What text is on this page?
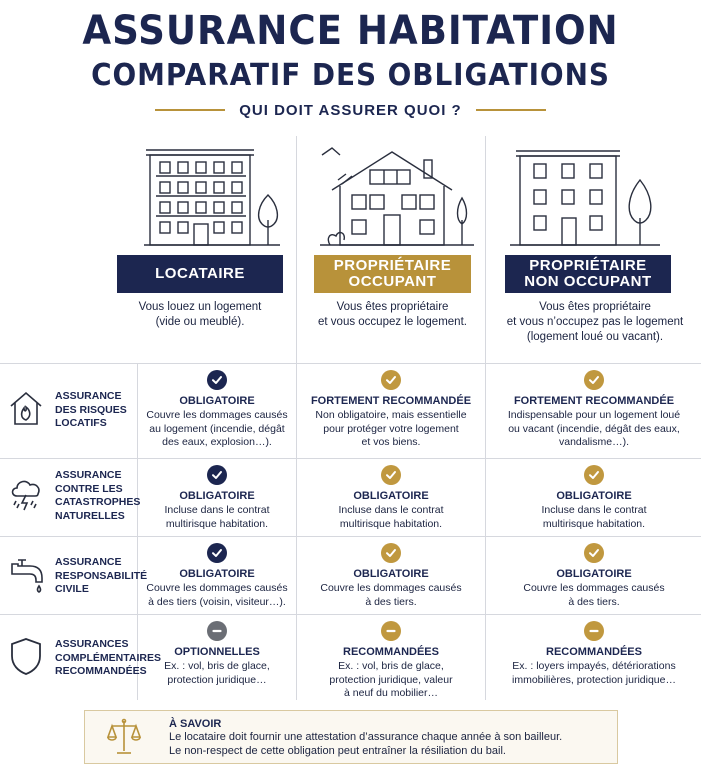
ASSURANCE HABITATION
COMPARATIF DES OBLIGATIONS
QUI DOIT ASSURER QUOI ?
LOCATAIRE	PROPRIÉTAIRE
OCCUPANT
PROPRIÉTAIRE
NON OCCUPANT
Vous louez un logement
(vide ou meublé).
Vous êtes propriétaire
et vous occupez le logement.
Vous êtes propriétaire
et vous n’occupez pas le logement
(logement loué ou vacant).
ASSURANCE
DES RISQUES
LOCATIFS
ASSURANCE
CONTRE LES
CATASTROPHES
NATURELLES
ASSURANCE
RESPONSABILITÉ
CIVILE
ASSURANCES
COMPLÉMENTAIRES
RECOMMANDÉES
OBLIGATOIRE
Couvre les dommages causés
au logement (incendie, dégât
des eaux, explosion…).
FORTEMENT RECOMMANDÉE
Non obligatoire, mais essentielle
pour protéger votre logement
et vos biens.
FORTEMENT RECOMMANDÉE
Indispensable pour un logement loué
ou vacant (incendie, dégât des eaux,
vandalisme…).
OBLIGATOIRE
Incluse dans le contrat
multirisque habitation.
OBLIGATOIRE
Incluse dans le contrat
multirisque habitation.
OBLIGATOIRE
Incluse dans le contrat
multirisque habitation.
OBLIGATOIRE
Couvre les dommages causés
à des tiers (voisin, visiteur…).
OBLIGATOIRE
Couvre les dommages causés
à des tiers.
OBLIGATOIRE
Couvre les dommages causés
à des tiers.
OPTIONNELLES
Ex. : vol, bris de glace,
protection juridique…
RECOMMANDÉES
Ex. : vol, bris de glace,
protection juridique, valeur
à neuf du mobilier…
RECOMMANDÉES
Ex. : loyers impayés, détériorations
immobilières, protection juridique…
À SAVOIR
Le locataire doit fournir une attestation d’assurance chaque année à son bailleur.
Le non-respect de cette obligation peut entraîner la résiliation du bail.
